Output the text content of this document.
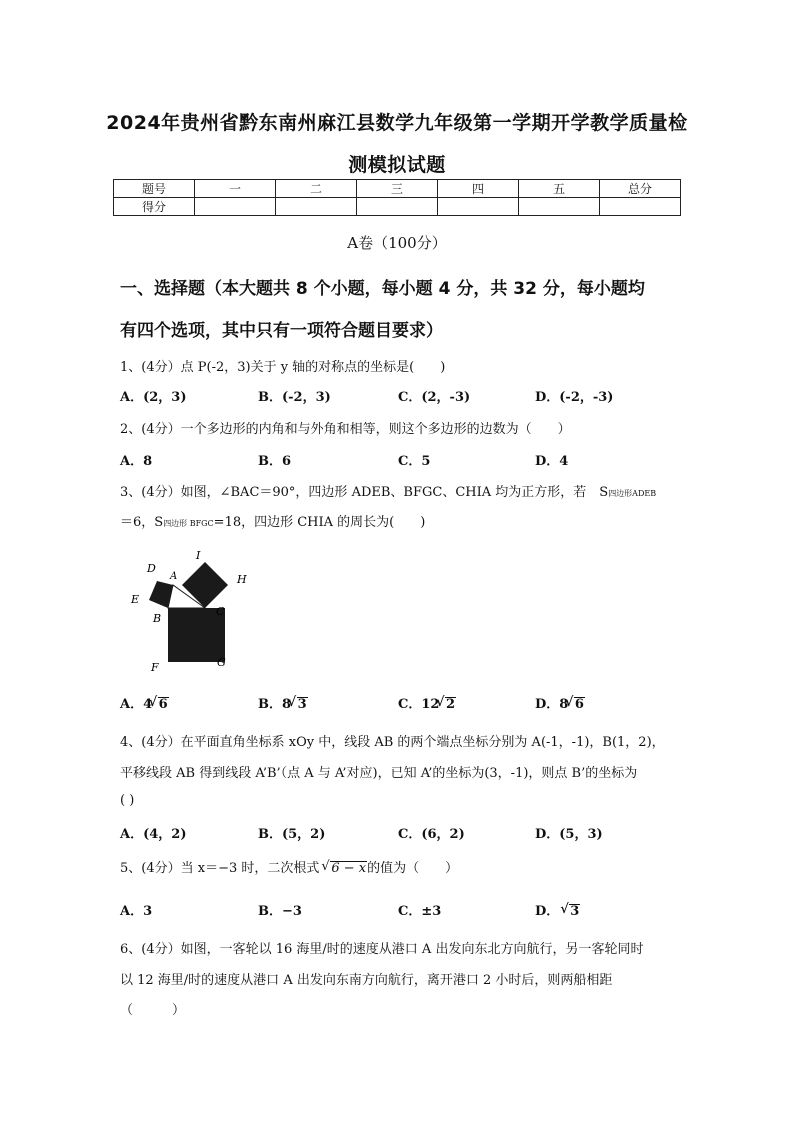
2024年贵州省黔东南州麻江县数学九年级第一学期开学教学质量检
测模拟试题
题号	一	二	三	四	五	总分
得分						
A卷（100分）
一、选择题（本大题共 8 个小题，每小题 4 分，共 32 分，每小题均
有四个选项，其中只有一项符合题目要求）
1、(4分）点 P(-2，3)关于 y 轴的对称点的坐标是(　　)
A．(2，3)	B．(-2，3)	C．(2，-3)	D．(-2，-3)
2、(4分）一个多边形的内角和与外角和相等，则这个多边形的边数为（　　）
A．8	B．6	C．5	D．4
3、(4分）如图，∠BAC＝90°，四边形 ADEB、BFGC、CHIA 均为正方形，若　S四边形ADEB
＝6，S四边形 BFGC=18，四边形 CHIA 的周长为(　　)
D
A
I
H
E
B
C
F	G
A．4 √ 6	B．8 √ 3	C．12 √ 2	D．8 √ 6
4、(4分）在平面直角坐标系 xOy 中，线段 AB 的两个端点坐标分别为 A(-1，-1)，B(1，2)，
平移线段 AB 得到线段 A’B’（点 A 与 A’对应)，已知 A’的坐标为(3，-1)，则点 B’的坐标为
( )
A．(4，2)	B．(5，2)	C．(6，2)	D．(5，3)
5、(4分）当 x＝−3 时，二次根式 √ 6 − x的值为（　　）
A．3	B．−3	C．±3	D． √ 3
6、(4分）如图，一客轮以 16 海里/时的速度从港口 A 出发向东北方向航行，另一客轮同时
以 12 海里/时的速度从港口 A 出发向东南方向航行，离开港口 2 小时后，则两船相距
（　　　）
